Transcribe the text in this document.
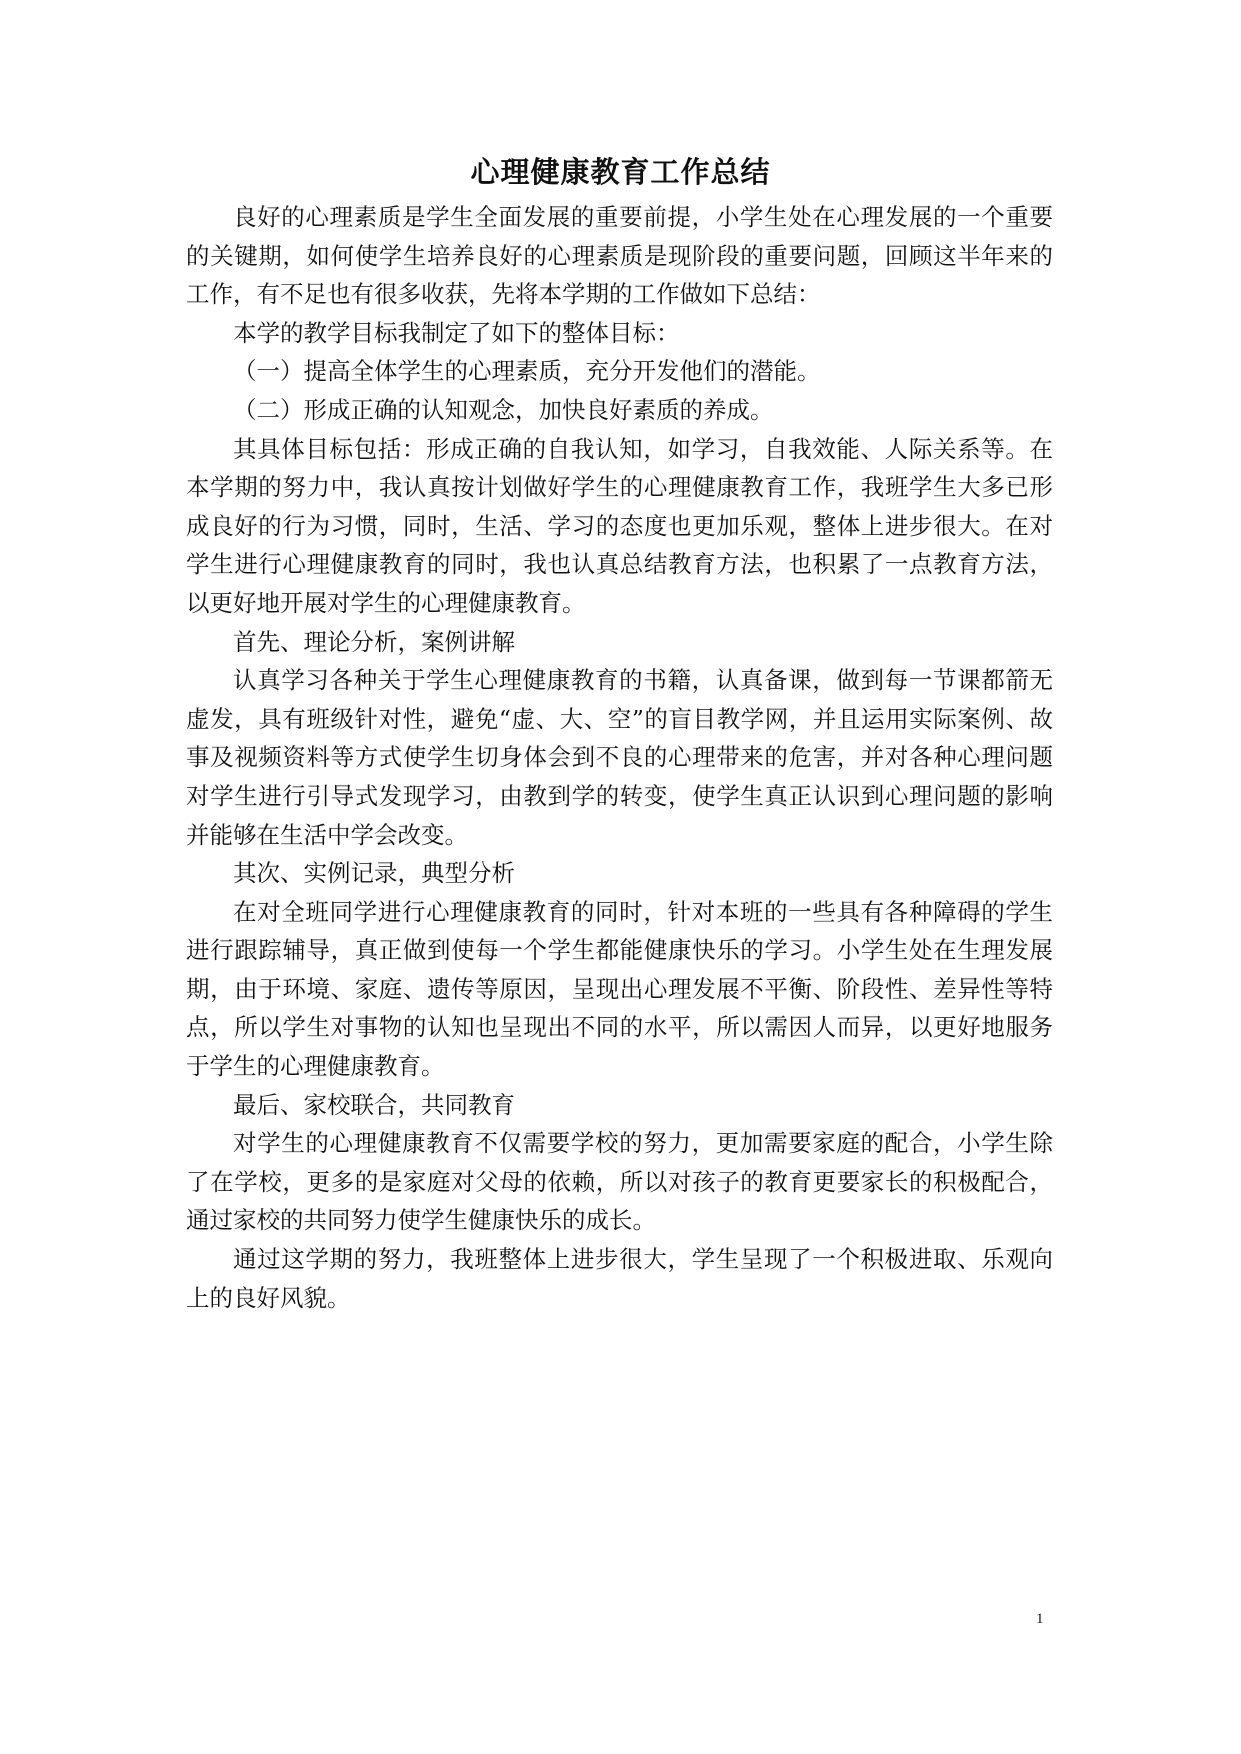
心理健康教育工作总结

良好的心理素质是学生全面发展的重要前提，小学生处在心理发展的一个重要的关键期，如何使学生培养良好的心理素质是现阶段的重要问题，回顾这半年来的工作，有不足也有很多收获，先将本学期的工作做如下总结：

本学的教学目标我制定了如下的整体目标：

（一）提高全体学生的心理素质，充分开发他们的潜能。

（二）形成正确的认知观念，加快良好素质的养成。

其具体目标包括：形成正确的自我认知，如学习，自我效能、人际关系等。在本学期的努力中，我认真按计划做好学生的心理健康教育工作，我班学生大多已形成良好的行为习惯，同时，生活、学习的态度也更加乐观，整体上进步很大。在对学生进行心理健康教育的同时，我也认真总结教育方法，也积累了一点教育方法，以更好地开展对学生的心理健康教育。

首先、理论分析，案例讲解

认真学习各种关于学生心理健康教育的书籍，认真备课，做到每一节课都箭无虚发，具有班级针对性，避免“虚、大、空”的盲目教学网，并且运用实际案例、故事及视频资料等方式使学生切身体会到不良的心理带来的危害，并对各种心理问题对学生进行引导式发现学习，由教到学的转变，使学生真正认识到心理问题的影响并能够在生活中学会改变。

其次、实例记录，典型分析

在对全班同学进行心理健康教育的同时，针对本班的一些具有各种障碍的学生进行跟踪辅导，真正做到使每一个学生都能健康快乐的学习。小学生处在生理发展期，由于环境、家庭、遗传等原因，呈现出心理发展不平衡、阶段性、差异性等特点，所以学生对事物的认知也呈现出不同的水平，所以需因人而异，以更好地服务于学生的心理健康教育。

最后、家校联合，共同教育

对学生的心理健康教育不仅需要学校的努力，更加需要家庭的配合，小学生除了在学校，更多的是家庭对父母的依赖，所以对孩子的教育更要家长的积极配合，通过家校的共同努力使学生健康快乐的成长。

通过这学期的努力，我班整体上进步很大，学生呈现了一个积极进取、乐观向上的良好风貌。

1
